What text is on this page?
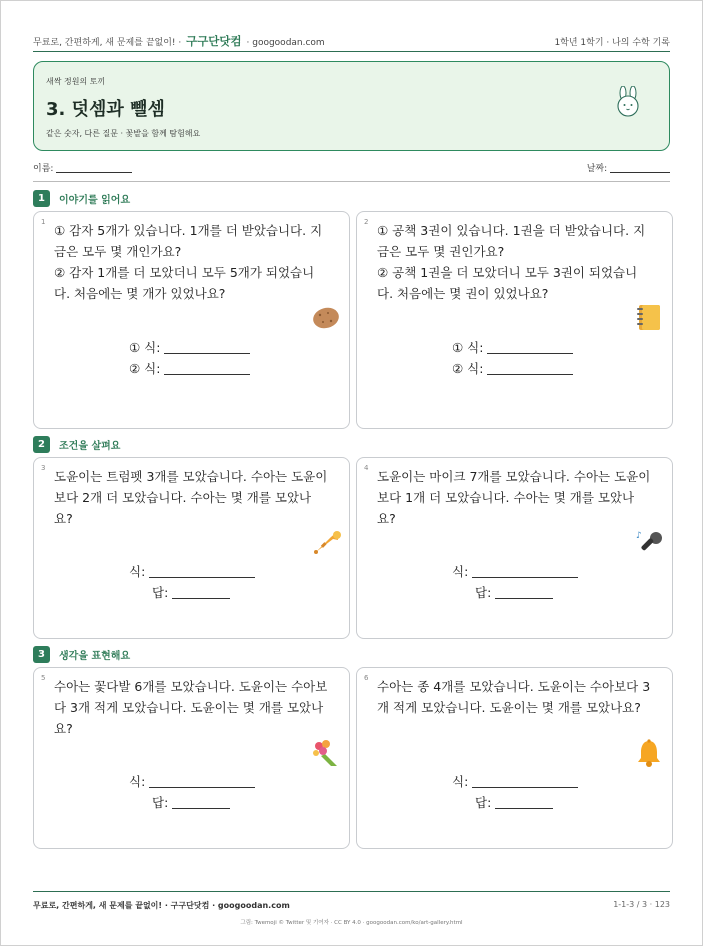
무료로, 간편하게, 새 문제를 끝없이! · 구구단닷컴 · googoodan.com	1학년 1학기 · 나의 수학 기록
새싹 정원의 토끼
3. 덧셈과 뺄셈
같은 숫자, 다른 질문 · 꽃밭을 함께 탐험해요
이름:	날짜:
1	이야기를 읽어요
1
① 감자 5개가 있습니다. 1개를 더 받았습니다. 지금은 모두 몇 개인가요?
② 감자 1개를 더 모았더니 모두 5개가 되었습니다. 처음에는 몇 개가 있었나요?
① 식:
② 식:
2
① 공책 3권이 있습니다. 1권을 더 받았습니다. 지금은 모두 몇 권인가요?
② 공책 1권을 더 모았더니 모두 3권이 되었습니다. 처음에는 몇 권이 있었나요?
① 식:
② 식:
2	조건을 살펴요
3
도윤이는 트럼펫 3개를 모았습니다. 수아는 도윤이보다 2개 더 모았습니다. 수아는 몇 개를 모았나요?
식:
답:
4
도윤이는 마이크 7개를 모았습니다. 수아는 도윤이보다 1개 더 모았습니다. 수아는 몇 개를 모았나요?
♪
식:
답:
3	생각을 표현해요
5
수아는 꽃다발 6개를 모았습니다. 도윤이는 수아보다 3개 적게 모았습니다. 도윤이는 몇 개를 모았나요?
식:
답:
6
수아는 종 4개를 모았습니다. 도윤이는 수아보다 3개 적게 모았습니다. 도윤이는 몇 개를 모았나요?
식:
답:
무료로, 간편하게, 새 문제를 끝없이! · 구구단닷컴 · googoodan.com	1-1-3 / 3 · 123
그림: Twemoji © Twitter 및 기여자 · CC BY 4.0 · googoodan.com/ko/art-gallery.html
